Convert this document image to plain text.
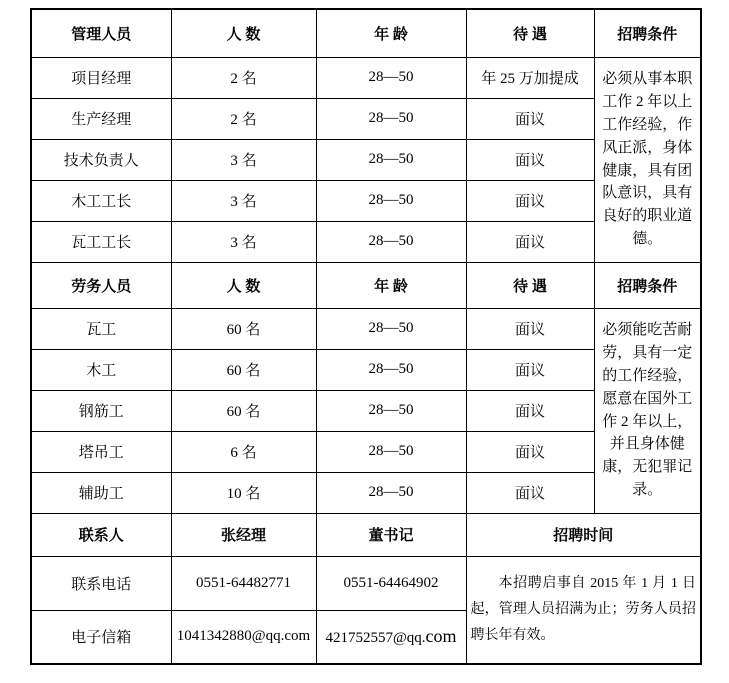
管理人员	人 数	年 龄	待 遇	招聘条件
项目经理	2 名	28—50	年 25 万加提成	必须从事本职工作 2 年以上工作经验，作风正派，身体健康，具有团队意识，具有良好的职业道德。
生产经理	2 名	28—50	面议	
技术负责人	3 名	28—50	面议	
木工工长	3 名	28—50	面议	
瓦工工长	3 名	28—50	面议	
劳务人员	人 数	年 龄	待 遇	招聘条件
瓦工	60 名	28—50	面议	必须能吃苦耐劳，具有一定的工作经验，愿意在国外工作 2 年以上，并且身体健康，无犯罪记录。
木工	60 名	28—50	面议	
钢筋工	60 名	28—50	面议	
塔吊工	6 名	28—50	面议	
辅助工	10 名	28—50	面议	
联系人	张经理	董书记	招聘时间	
联系电话	0551-64482771	0551-64464902	本招聘启事自 2015 年 1 月 1 日起，管理人员招满为止；劳务人员招聘长年有效。	

电子信箱	1041342880@qq.com	421752557@qq.com		
